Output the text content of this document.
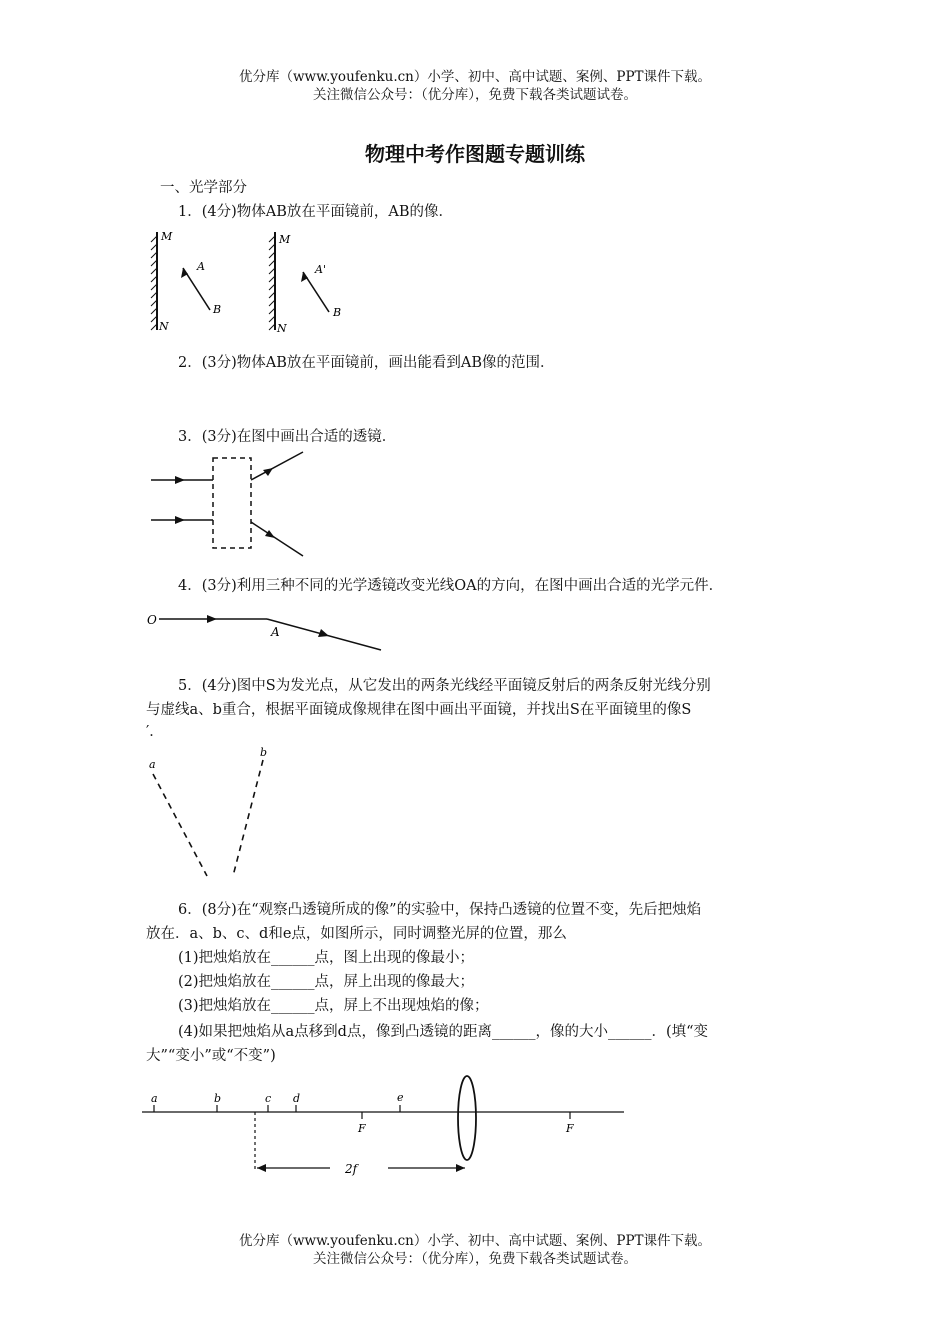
优分库（www.youfenku.cn）小学、初中、高中试题、案例、PPT课件下载。
关注微信公众号：（优分库），免费下载各类试题试卷。
物理中考作图题专题训练
一、光学部分
1．(4分)物体AB放在平面镜前，AB的像．
M
N
A
B
M
N
A'
B
2．(3分)物体AB放在平面镜前，画出能看到AB像的范围．
3．(3分)在图中画出合适的透镜．
4．(3分)利用三种不同的光学透镜改变光线OA的方向，在图中画出合适的光学元件．
O
A
5．(4分)图中S为发光点，从它发出的两条光线经平面镜反射后的两条反射光线分别
与虚线a、b重合，根据平面镜成像规律在图中画出平面镜，并找出S在平面镜里的像S
′．
a
b
6．(8分)在“观察凸透镜所成的像”的实验中，保持凸透镜的位置不变，先后把烛焰
放在．a、b、c、d和e点，如图所示，同时调整光屏的位置，那么
(1)把烛焰放在______点，图上出现的像最小；
(2)把烛焰放在______点，屏上出现的像最大；
(3)把烛焰放在______点，屏上不出现烛焰的像；
(4)如果把烛焰从a点移到d点，像到凸透镜的距离______，像的大小______．(填“变
大”“变小”或“不变”)
a	b	c d	e
F	F
2f
优分库（www.youfenku.cn）小学、初中、高中试题、案例、PPT课件下载。
关注微信公众号：（优分库），免费下载各类试题试卷。
